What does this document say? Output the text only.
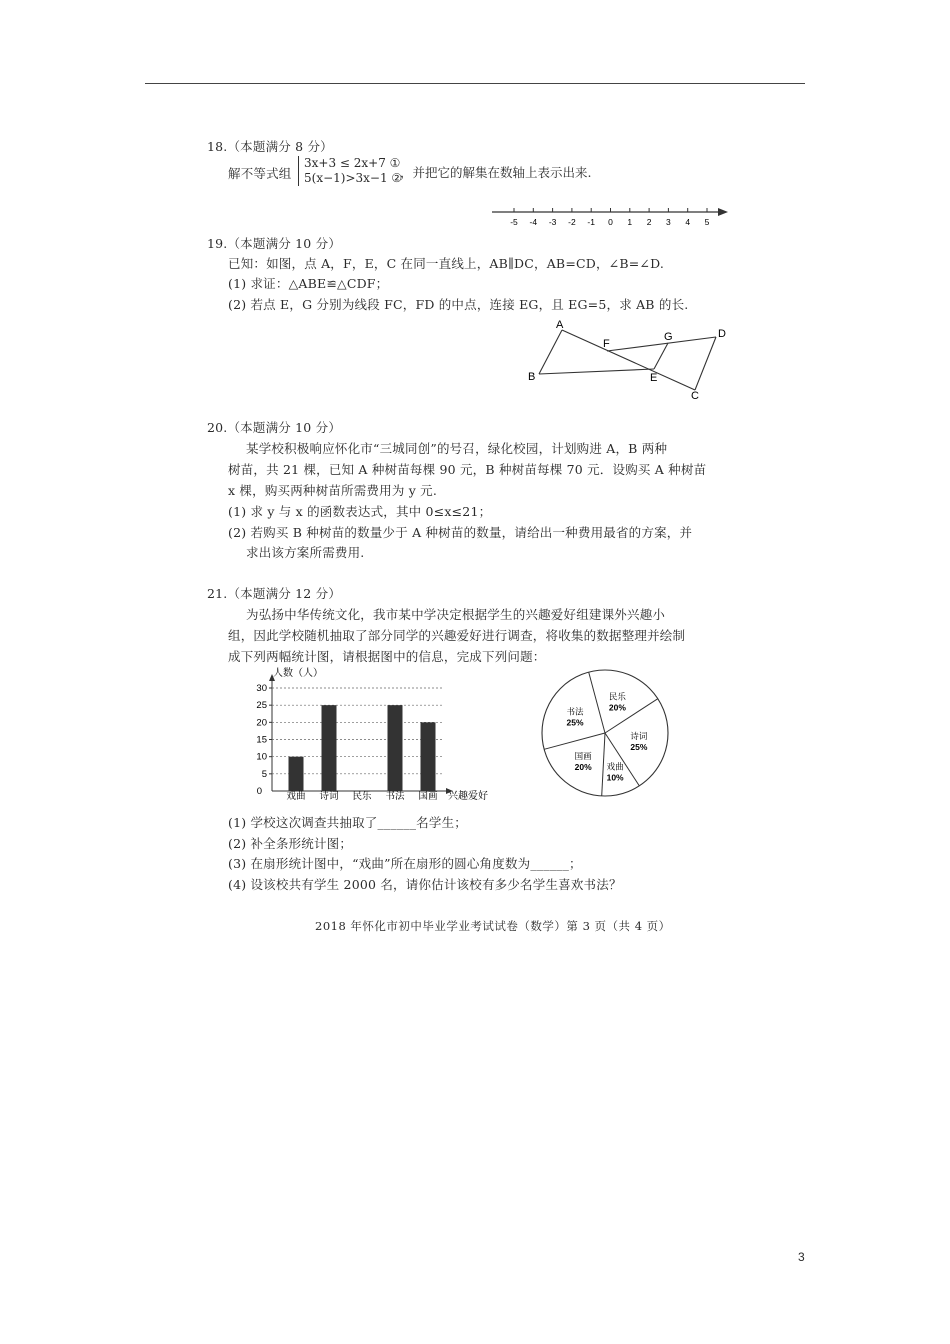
18.（本题满分 8 分）
解不等式组
3x+3 ≤ 2x+7 ①
5(x−1)>3x−1 ②
，并把它的解集在数轴上表示出来.
-5 -4 -3 -2 -1 0 1 2 3 4 5
19.（本题满分 10 分）
已知：如图，点 A，F，E，C 在同一直线上，AB∥DC，AB=CD，∠B=∠D.
(1) 求证：△ABE≌△CDF；
(2) 若点 E，G 分别为线段 FC，FD 的中点，连接 EG，且 EG=5，求 AB 的长.
A
B
C
D
E
F
G
20.（本题满分 10 分）
某学校积极响应怀化市“三城同创”的号召，绿化校园，计划购进 A，B 两种
树苗，共 21 棵，已知 A 种树苗每棵 90 元，B 种树苗每棵 70 元．设购买 A 种树苗
x 棵，购买两种树苗所需费用为 y 元.
(1) 求 y 与 x 的函数表达式，其中 0≤x≤21；
(2) 若购买 B 种树苗的数量少于 A 种树苗的数量，请给出一种费用最省的方案，并
求出该方案所需费用.
21.（本题满分 12 分）
为弘扬中华传统文化，我市某中学决定根据学生的兴趣爱好组建课外兴趣小
组，因此学校随机抽取了部分同学的兴趣爱好进行调查，将收集的数据整理并绘制
成下列两幅统计图，请根据图中的信息，完成下列问题：
人数（人）
0
5
10
15
20
25
30
戏曲 诗词 民乐 书法 国画 兴趣爱好
民乐
20%
诗词
25%
戏曲
10%
国画
20%
书法
25%
(1) 学校这次调查共抽取了______名学生；
(2) 补全条形统计图；
(3) 在扇形统计图中，“戏曲”所在扇形的圆心角度数为______；
(4) 设该校共有学生 2000 名，请你估计该校有多少名学生喜欢书法？
2018 年怀化市初中毕业学业考试试卷（数学）第 3 页（共 4 页）
3
